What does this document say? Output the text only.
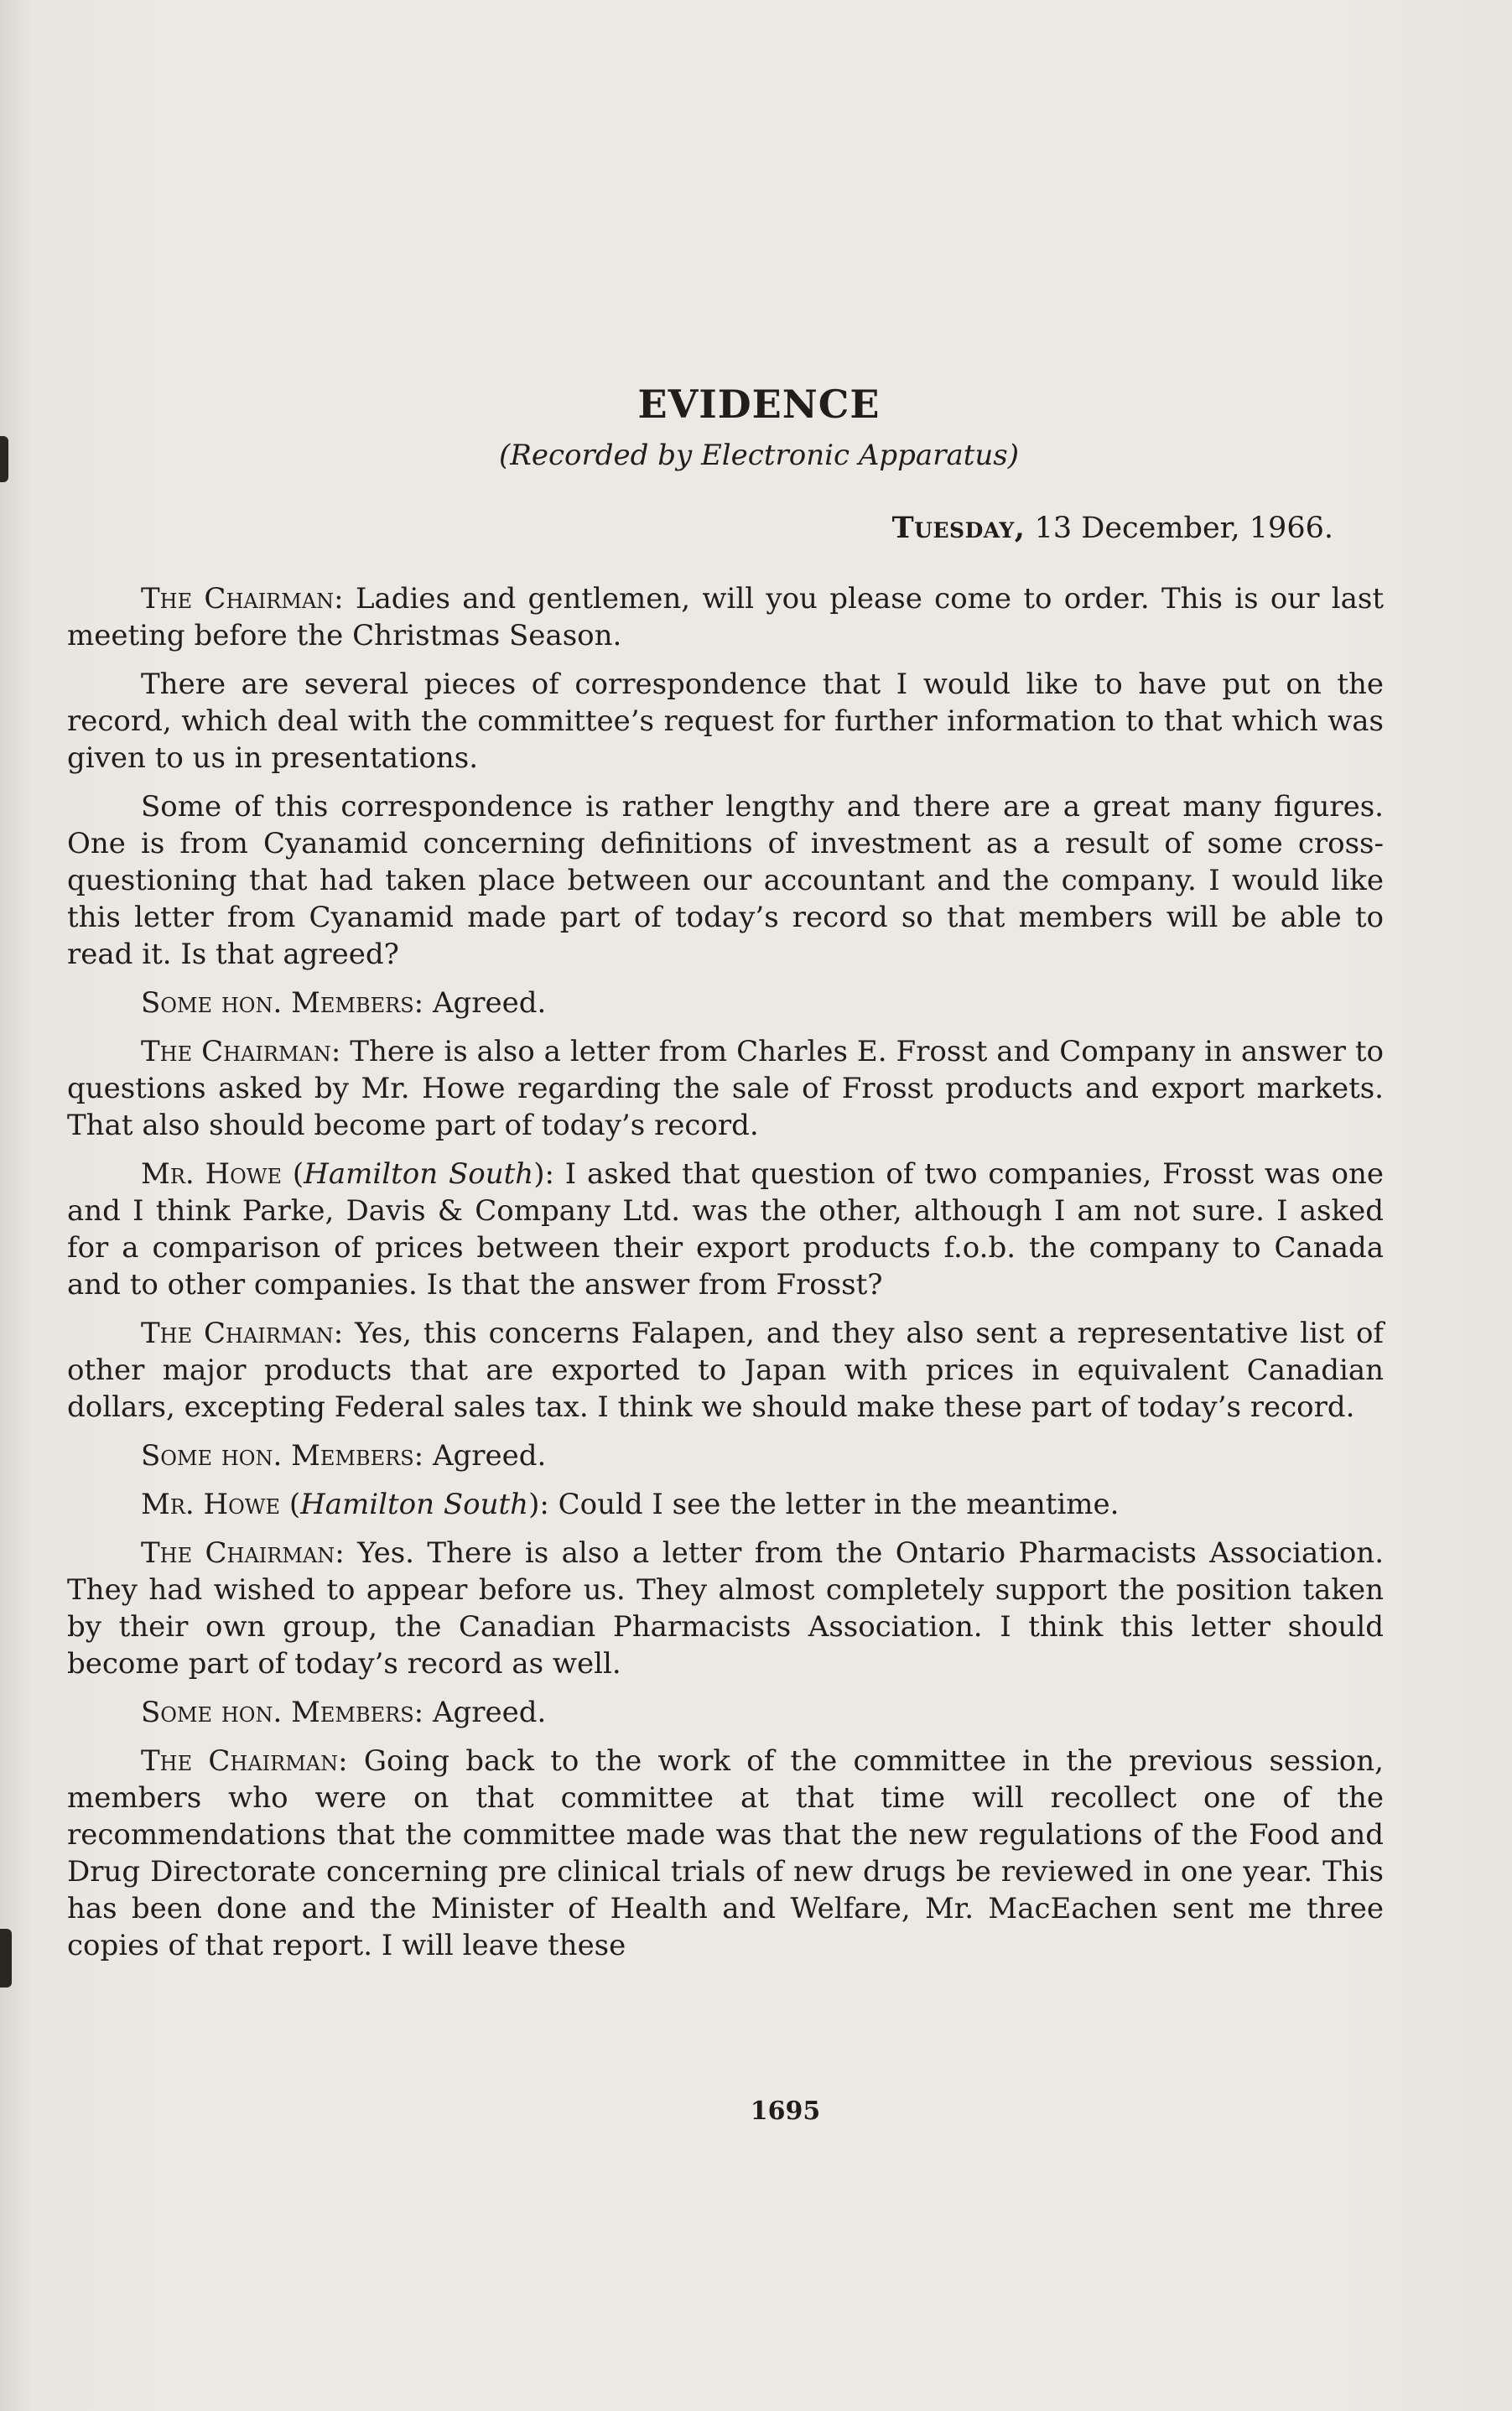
EVIDENCE
(Recorded by Electronic Apparatus)
Tuesday, 13 December, 1966.

The Chairman: Ladies and gentlemen, will you please come to order. This is our last meeting before the Christmas Season.

There are several pieces of correspondence that I would like to have put on the record, which deal with the committee’s request for further information to that which was given to us in presentations.

Some of this correspondence is rather lengthy and there are a great many figures. One is from Cyanamid concerning definitions of investment as a result of some cross-questioning that had taken place between our accountant and the company. I would like this letter from Cyanamid made part of today’s record so that members will be able to read it. Is that agreed?

Some hon. Members: Agreed.

The Chairman: There is also a letter from Charles E. Frosst and Company in answer to questions asked by Mr. Howe regarding the sale of Frosst products and export markets. That also should become part of today’s record.

Mr. Howe (Hamilton South): I asked that question of two companies, Frosst was one and I think Parke, Davis & Company Ltd. was the other, although I am not sure. I asked for a comparison of prices between their export products f.o.b. the company to Canada and to other companies. Is that the answer from Frosst?

The Chairman: Yes, this concerns Falapen, and they also sent a representative list of other major products that are exported to Japan with prices in equivalent Canadian dollars, excepting Federal sales tax. I think we should make these part of today’s record.

Some hon. Members: Agreed.

Mr. Howe (Hamilton South): Could I see the letter in the meantime.

The Chairman: Yes. There is also a letter from the Ontario Pharmacists Association. They had wished to appear before us. They almost completely support the position taken by their own group, the Canadian Pharmacists Association. I think this letter should become part of today’s record as well.

Some hon. Members: Agreed.

The Chairman: Going back to the work of the committee in the previous session, members who were on that committee at that time will recollect one of the recommendations that the committee made was that the new regulations of the Food and Drug Directorate concerning pre clinical trials of new drugs be reviewed in one year. This has been done and the Minister of Health and Welfare, Mr. MacEachen sent me three copies of that report. I will leave these

1695
